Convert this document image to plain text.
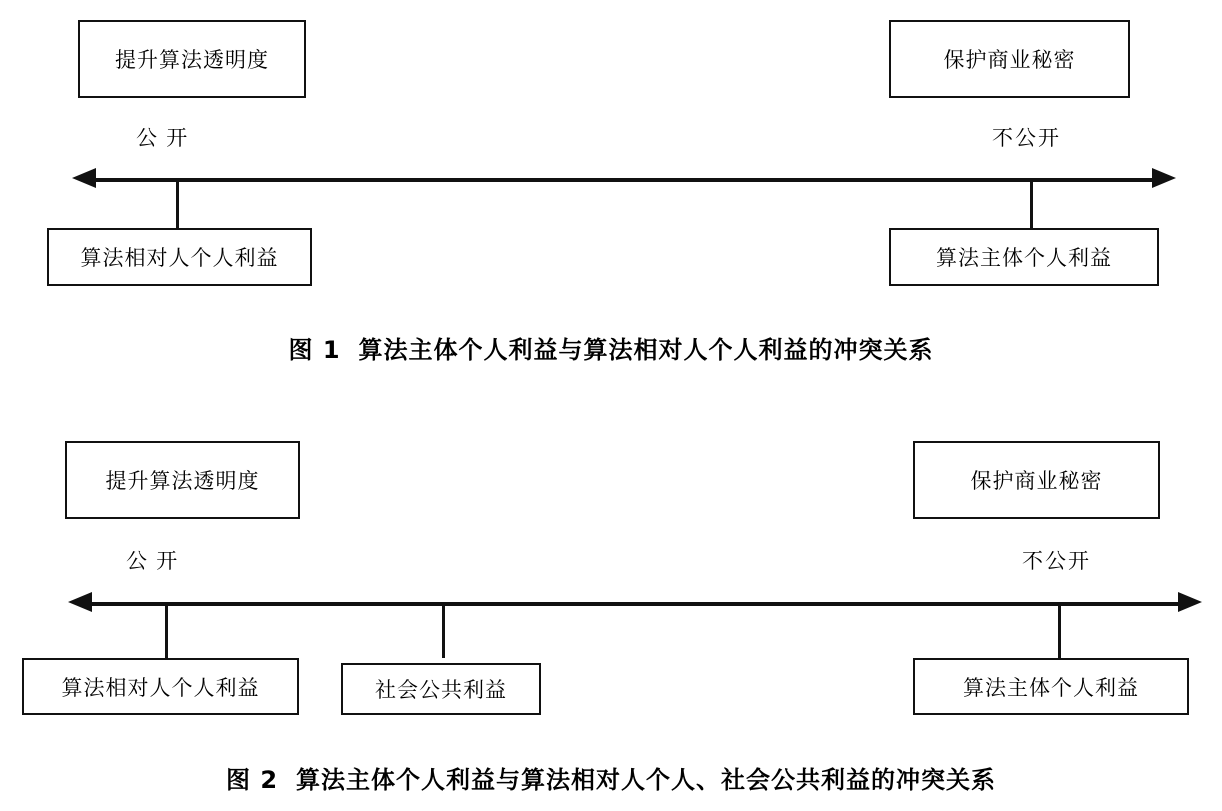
提升算法透明度	保护商业秘密
公 开	不公开
算法相对人个人利益	算法主体个人利益
图 1 算法主体个人利益与算法相对人个人利益的冲突关系
提升算法透明度	保护商业秘密
公 开	不公开
算法相对人个人利益	社会公共利益	算法主体个人利益
图 2 算法主体个人利益与算法相对人个人、社会公共利益的冲突关系
